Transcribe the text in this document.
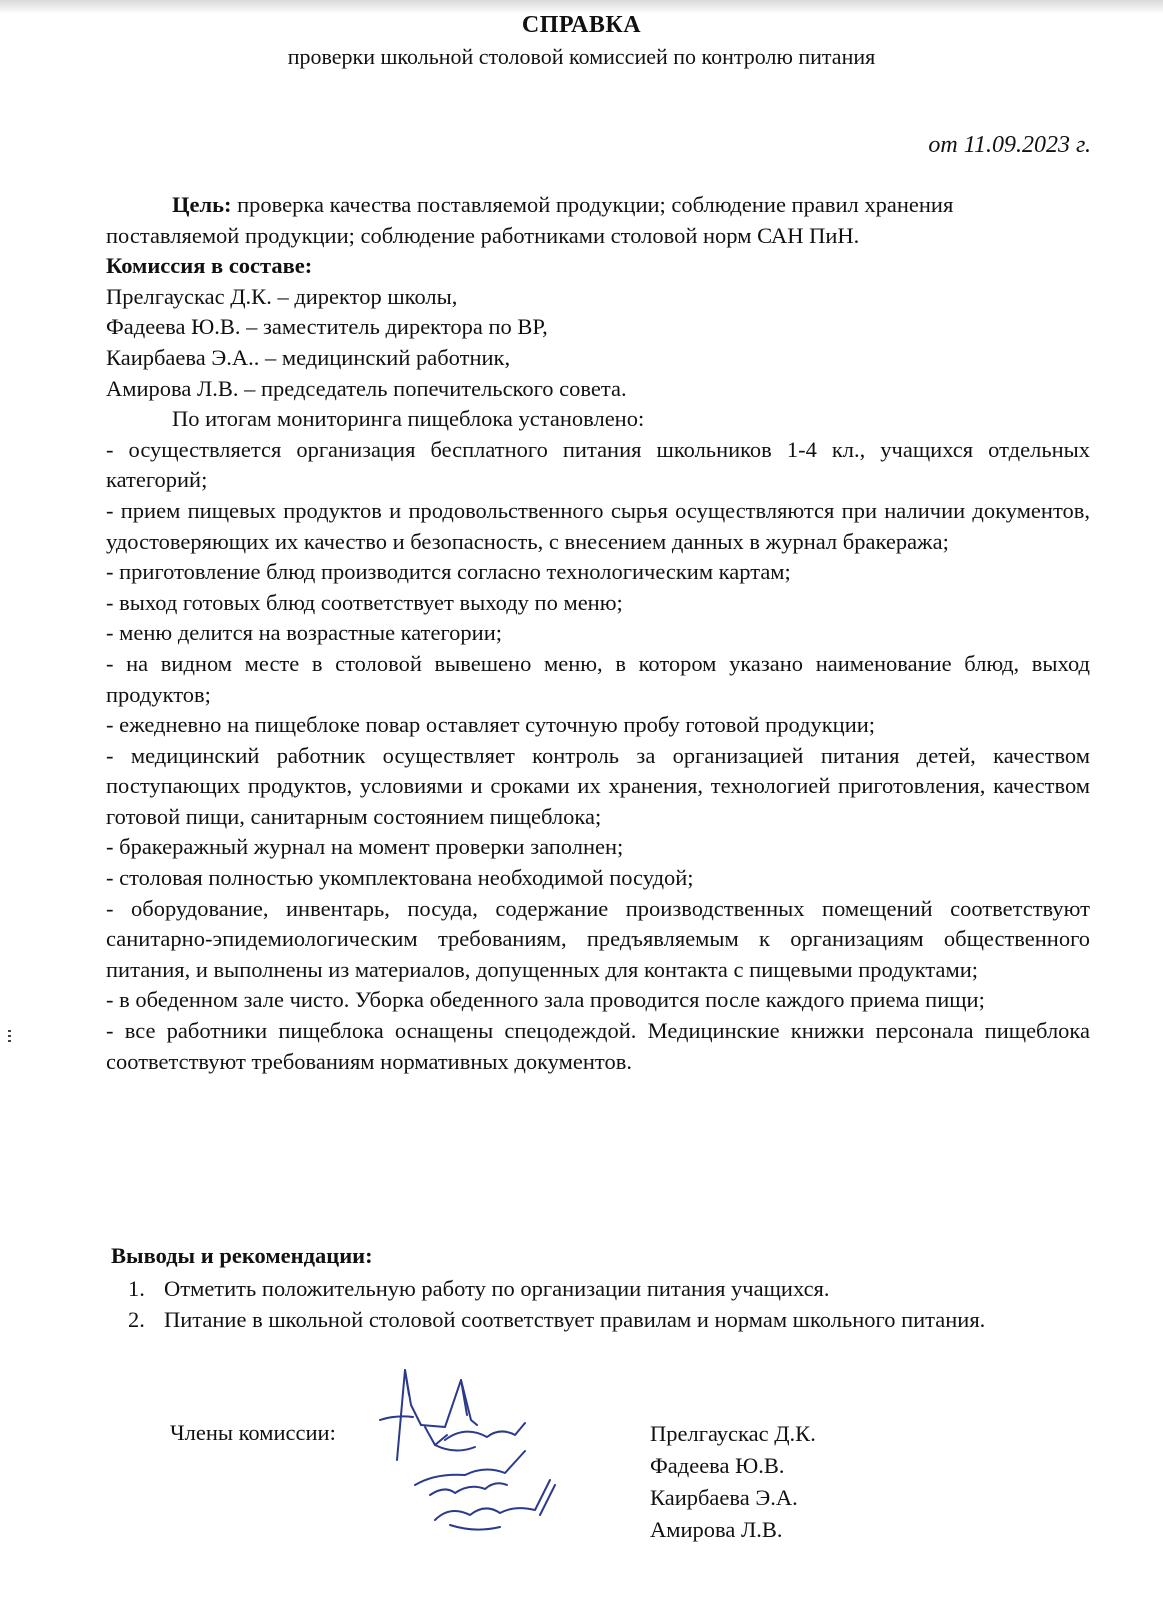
СПРАВКА
проверки школьной столовой комиссией по контролю питания
от 11.09.2023 г.

Цель: проверка качества поставляемой продукции; соблюдение правил хранения поставляемой продукции; соблюдение работниками столовой норм САН ПиН.

Комиссия в составе:

Прелгаускас Д.К. – директор школы,

Фадеева Ю.В. – заместитель директора по ВР,

Каирбаева Э.А.. – медицинский работник,

Амирова Л.В. – председатель попечительского совета.

По итогам мониторинга пищеблока установлено:

- осуществляется организация бесплатного питания школьников 1-4 кл., учащихся отдельных категорий;

- прием пищевых продуктов и продовольственного сырья осуществляются при наличии документов, удостоверяющих их качество и безопасность, с внесением данных в журнал бракеража;

- приготовление блюд производится согласно технологическим картам;

- выход готовых блюд соответствует выходу по меню;

- меню делится на возрастные категории;

- на видном месте в столовой вывешено меню, в котором указано наименование блюд, выход продуктов;

- ежедневно на пищеблоке повар оставляет суточную пробу готовой продукции;

- медицинский работник осуществляет контроль за организацией питания детей, качеством поступающих продуктов, условиями и сроками их хранения, технологией приготовления, качеством готовой пищи, санитарным состоянием пищеблока;

- бракеражный журнал на момент проверки заполнен;

- столовая полностью укомплектована необходимой посудой;

- оборудование, инвентарь, посуда, содержание производственных помещений соответствуют санитарно-эпидемиологическим требованиям, предъявляемым к организациям общественного питания, и выполнены из материалов, допущенных для контакта с пищевыми продуктами;

- в обеденном зале чисто. Уборка обеденного зала проводится после каждого приема пищи;

- все работники пищеблока оснащены спецодеждой. Медицинские книжки персонала пищеблока соответствуют требованиям нормативных документов.

Выводы и рекомендации:
1. Отметить положительную работу по организации питания учащихся.
2. Питание в школьной столовой соответствует правилам и нормам школьного питания.
Члены комиссии:	Прелгаускас Д.К.
Фадеева Ю.В.
Каирбаева Э.А.
Амирова Л.В.
